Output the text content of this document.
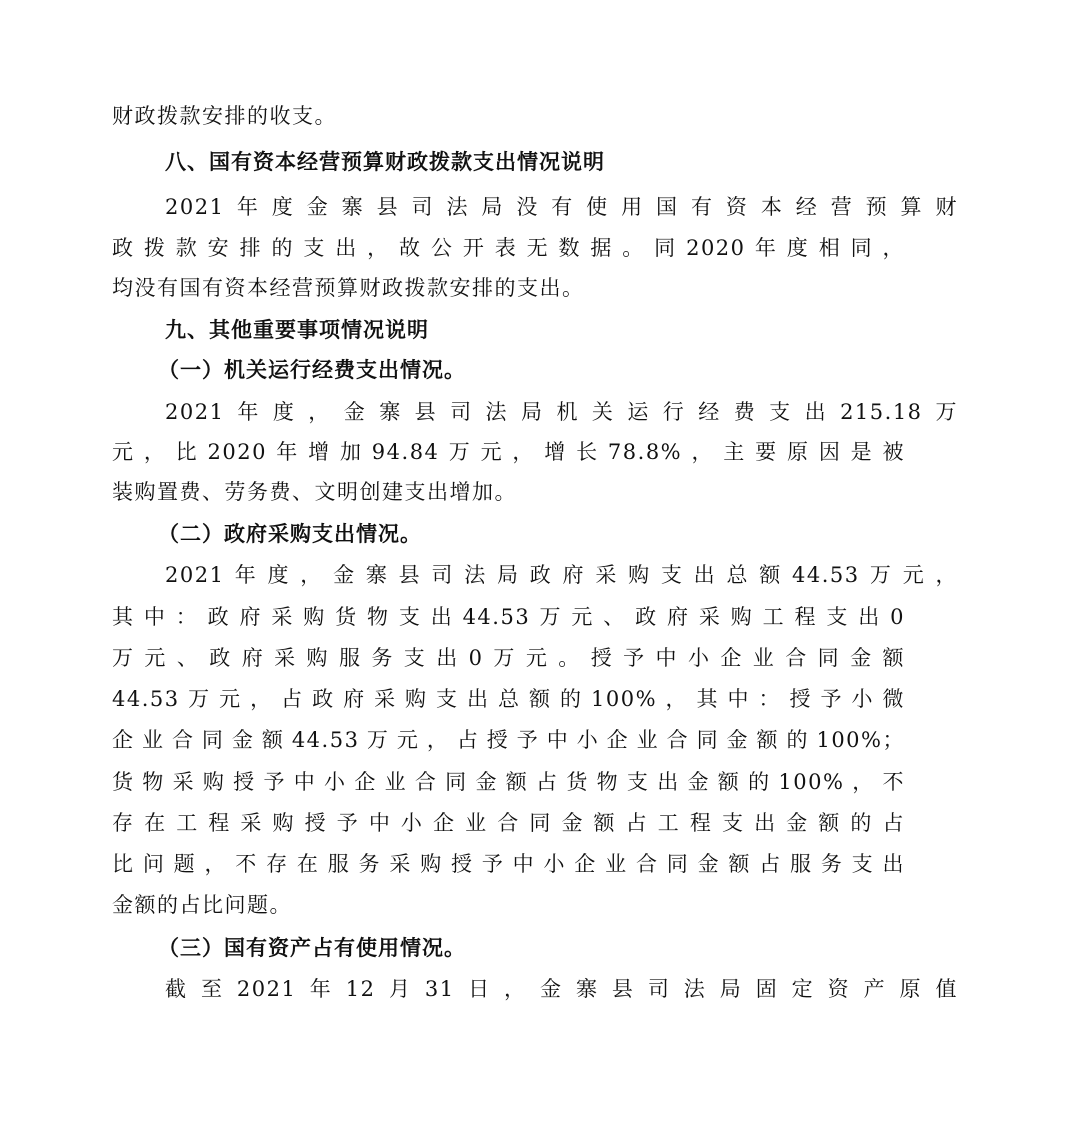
财政拨款安排的收支。
八、国有资本经营预算财政拨款支出情况说明
2021年度金寨县司法局没有使用国有资本经营预算财
政拨款安排的支出，故公开表无数据。同2020年度相同，
均没有国有资本经营预算财政拨款安排的支出。
九、其他重要事项情况说明
（一）机关运行经费支出情况。
2021年度，金寨县司法局机关运行经费支出215.18万
元，比2020年增加94.84万元，增长78.8%，主要原因是被
装购置费、劳务费、文明创建支出增加。
（二）政府采购支出情况。
2021年度，金寨县司法局政府采购支出总额44.53万元，
其中：政府采购货物支出44.53万元、政府采购工程支出0
万元、政府采购服务支出0万元。授予中小企业合同金额
44.53万元，占政府采购支出总额的100%，其中：授予小微
企业合同金额44.53万元，占授予中小企业合同金额的100%；
货物采购授予中小企业合同金额占货物支出金额的100%，不
存在工程采购授予中小企业合同金额占工程支出金额的占
比问题，不存在服务采购授予中小企业合同金额占服务支出
金额的占比问题。
（三）国有资产占有使用情况。
截至2021年12月31日，金寨县司法局固定资产原值
